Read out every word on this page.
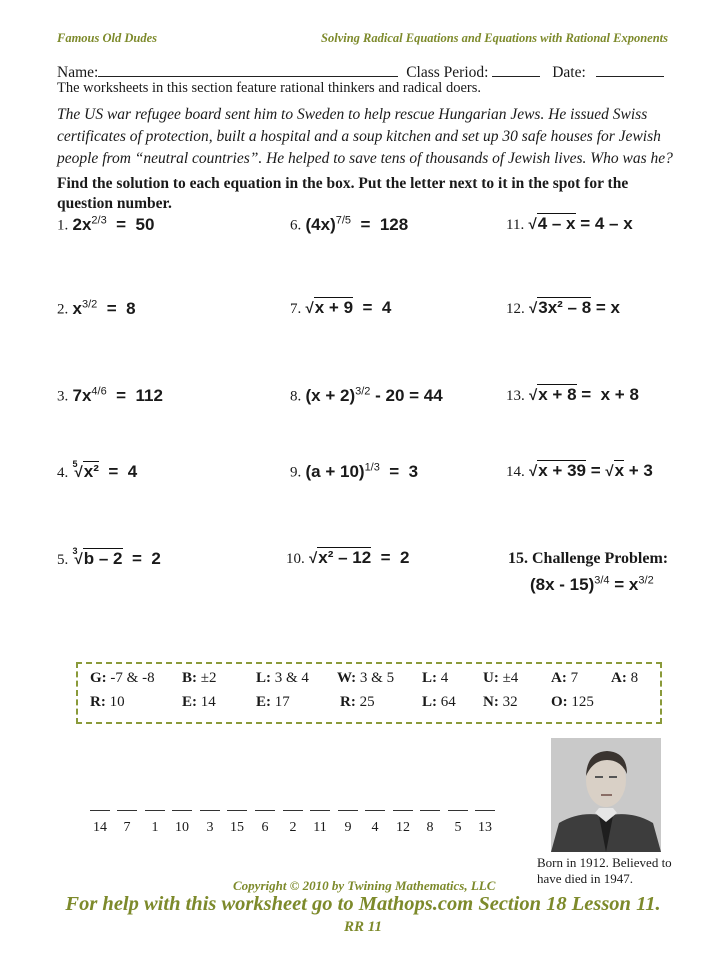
Famous Old Dudes	Solving Radical Equations and Equations with Rational Exponents
Name:	Class Period:	Date:
The worksheets in this section feature rational thinkers and radical doers.
The US war refugee board sent him to Sweden to help rescue Hungarian Jews. He issued Swiss certificates of protection, built a hospital and a soup kitchen and set up 30 safe houses for Jewish people from “neutral countries”. He helped to save tens of thousands of Jewish lives. Who was he?
Find the solution to each equation in the box. Put the letter next to it in the spot for the question number.
1. $2x^{2/3} = 50$
2. $x^{3/2} = 8$
3. $7x^{4/6} = 112$
4. $^5$√x²  =  4
5. $^3$√b – 2  =  2
6. $(4x)^{7/5} = 128$
7. √x + 9  =  4
8. $(x + 2)^{3/2} - 20 = 44$
9. $(a + 10)^{1/3} = 3$
10. √x² – 12  =  2
11. √4 – x = 4 – x
12. √3x² – 8 = x
13. √x + 8 =  x + 8
14. √x + 39 = √x + 3
15. Challenge Problem:
$(8x - 15)^{3/4} = x^{3/2}$
G: -7 & -8 B: ±2	L: 3 & 4 W: 3 & 5 L: 4 U: ±4 A: 7 A: 8
R: 10	E: 14	E: 17	R: 25	L: 64 N: 32 O: 125
14	7	1	10	3	15	6	2	11	9	4	12	8	5	13
Born in 1912. Believed to have died in 1947.
Copyright © 2010 by Twining Mathematics, LLC
For help with this worksheet go to Mathops.com Section 18 Lesson 11.
RR 11
